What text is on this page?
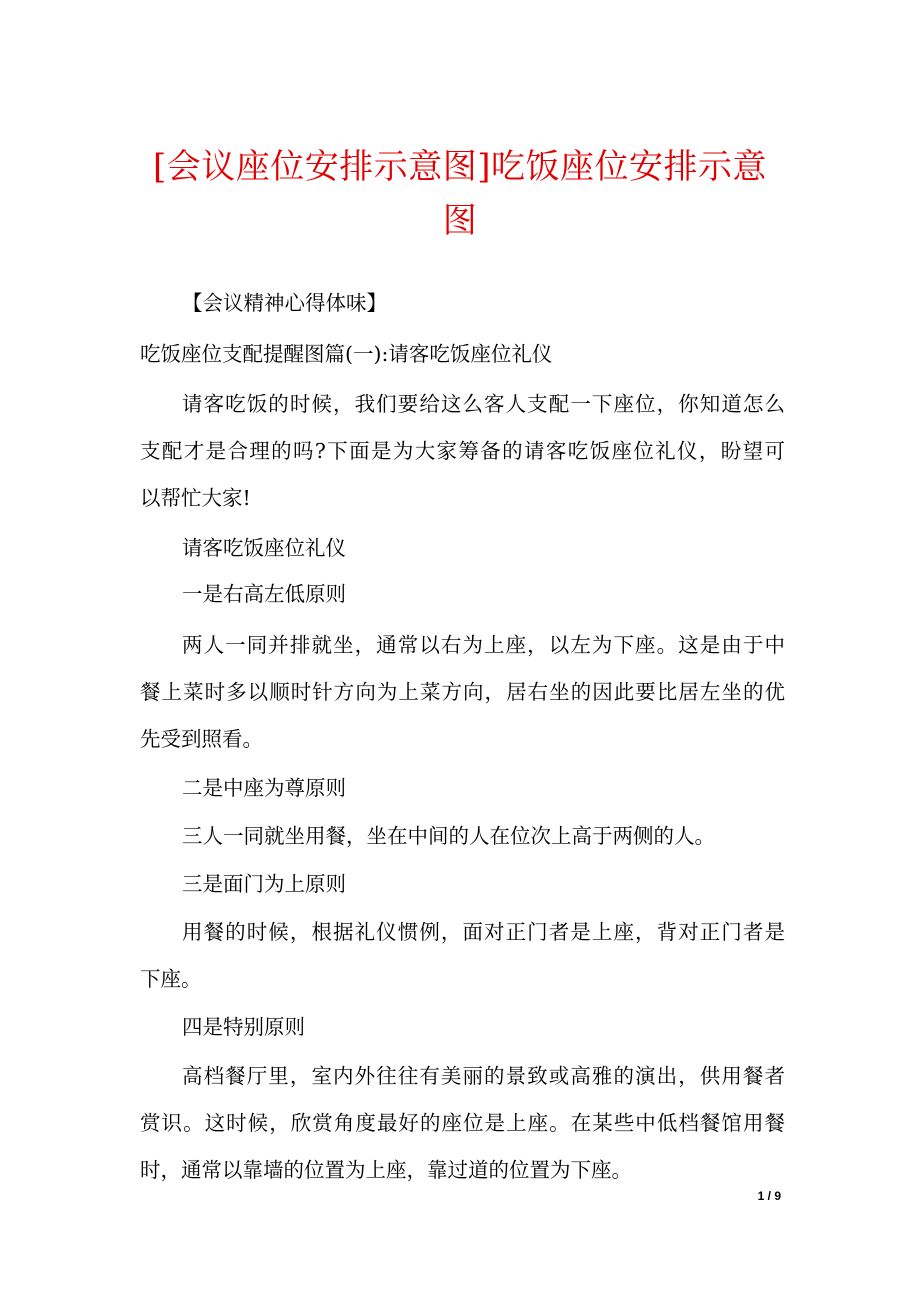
[会议座位安排示意图]吃饭座位安排示意图
【会议精神心得体味】
吃饭座位支配提醒图篇(一):请客吃饭座位礼仪
请客吃饭的时候，我们要给这么客人支配一下座位，你知道怎么
支配才是合理的吗?下面是为大家筹备的请客吃饭座位礼仪，盼望可
以帮忙大家!
请客吃饭座位礼仪
一是右高左低原则
两人一同并排就坐，通常以右为上座，以左为下座。这是由于中
餐上菜时多以顺时针方向为上菜方向，居右坐的因此要比居左坐的优
先受到照看。
二是中座为尊原则
三人一同就坐用餐，坐在中间的人在位次上高于两侧的人。
三是面门为上原则
用餐的时候，根据礼仪惯例，面对正门者是上座，背对正门者是
下座。
四是特别原则
高档餐厅里，室内外往往有美丽的景致或高雅的演出，供用餐者
赏识。这时候，欣赏角度最好的座位是上座。在某些中低档餐馆用餐
时，通常以靠墙的位置为上座，靠过道的位置为下座。
1 / 9
